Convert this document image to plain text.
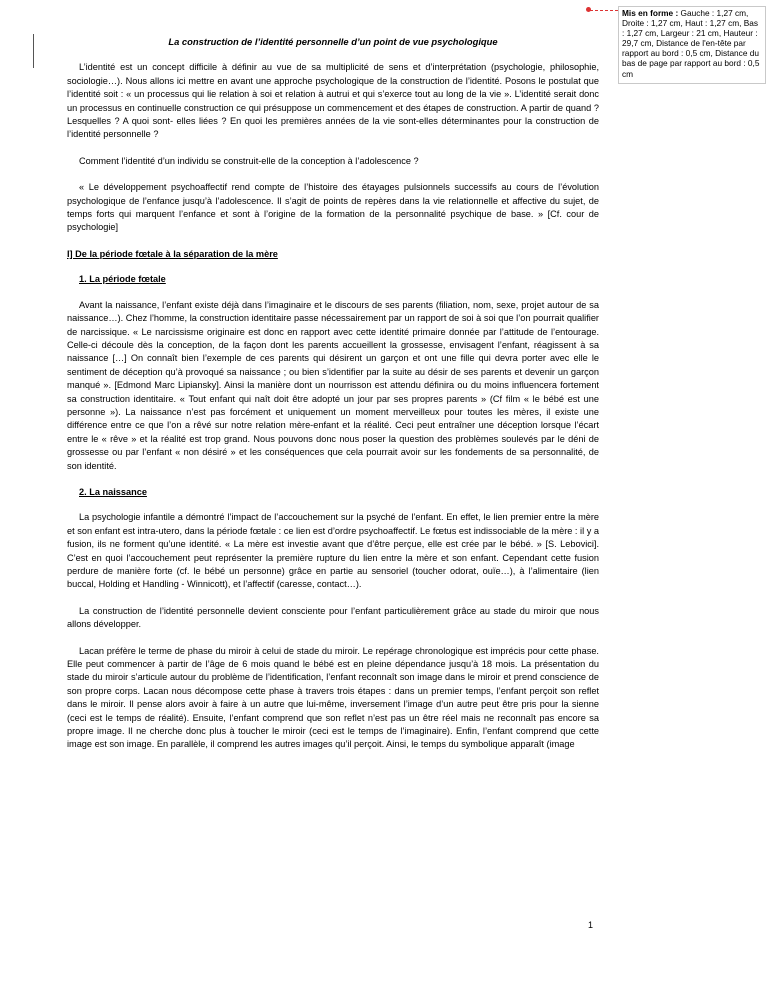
La construction de l’identité personnelle d’un point de vue psychologique

L’identité est un concept difficile à définir au vue de sa multiplicité de sens et d’interprétation (psychologie, philosophie, sociologie…). Nous allons ici mettre en avant une approche psychologique de la construction de l’identité. Posons le postulat que l’identité soit : « un processus qui lie relation à soi et relation à autrui et qui s’exerce tout au long de la vie ». L’identité serait donc un processus en continuelle construction ce qui présuppose un commencement et des étapes de construction. A partir de quand ? Lesquelles ? A quoi sont- elles liées ? En quoi les premières années de la vie sont-elles déterminantes pour la construction de l’identité personnelle ?

Comment l’identité d’un individu se construit-elle de la conception à l’adolescence ?

« Le développement psychoaffectif rend compte de l’histoire des étayages pulsionnels successifs au cours de l’évolution psychologique de l’enfance jusqu’à l’adolescence. Il s’agit de points de repères dans la vie relationnelle et affective du sujet, de temps forts qui marquent l’enfance et sont à l’origine de la formation de la personnalité psychique de base. » [Cf. cour de psychologie]

I] De la période fœtale à la séparation de la mère
1. La période fœtale

Avant la naissance, l’enfant existe déjà dans l’imaginaire et le discours de ses parents (filiation, nom, sexe, projet autour de sa naissance…). Chez l’homme, la construction identitaire passe nécessairement par un rapport de soi à soi que l’on pourrait qualifier de narcissique. « Le narcissisme originaire est donc en rapport avec cette identité primaire donnée par l’attitude de l’entourage. Celle-ci découle dès la conception, de la façon dont les parents accueillent la grossesse, envisagent l’enfant, réagissent à sa naissance […] On connaît bien l’exemple de ces parents qui désirent un garçon et ont une fille qui devra porter avec elle le sentiment de déception qu’à provoqué sa naissance ; ou bien s’identifier par la suite au désir de ses parents et devenir un garçon manqué ». [Edmond Marc Lipiansky]. Ainsi la manière dont un nourrisson est attendu définira ou du moins influencera fortement sa construction identitaire. « Tout enfant qui naît doit être adopté un jour par ses propres parents » (Cf film « le bébé est une personne »). La naissance n’est pas forcément et uniquement un moment merveilleux pour toutes les mères, il existe une différence entre ce que l’on a rêvé sur notre relation mère-enfant et la réalité. Ceci peut entraîner une déception lorsque l’écart entre le « rêve » et la réalité est trop grand. Nous pouvons donc nous poser la question des problèmes soulevés par le déni de grossesse ou par l’enfant « non désiré » et les conséquences que cela pourrait avoir sur les fondements de sa personnalité, de son identité.

2. La naissance

La psychologie infantile a démontré l’impact de l’accouchement sur la psyché de l’enfant. En effet, le lien premier entre la mère et son enfant est intra-utero, dans la période fœtale : ce lien est d’ordre psychoaffectif. Le fœtus est indissociable de la mère : il y a fusion, ils ne forment qu’une identité. « La mère est investie avant que d’être perçue, elle est crée par le bébé. » [S. Lebovici]. C’est en quoi l’accouchement peut représenter la première rupture du lien entre la mère et son enfant. Cependant cette fusion perdure de manière forte (cf. le bébé un personne) grâce en partie au sensoriel (toucher odorat, ouïe…), à l’alimentaire (lien buccal, Holding et Handling - Winnicott), et l’affectif (caresse, contact…).

La construction de l’identité personnelle devient consciente pour l’enfant particulièrement grâce au stade du miroir que nous allons développer.

Lacan préfère le terme de phase du miroir à celui de stade du miroir. Le repérage chronologique est imprécis pour cette phase. Elle peut commencer à partir de l’âge de 6 mois quand le bébé est en pleine dépendance jusqu’à 18 mois. La présentation du stade du miroir s’articule autour du problème de l’identification, l’enfant reconnaît son image dans le miroir et prend conscience de son propre corps. Lacan nous décompose cette phase à travers trois étapes : dans un premier temps, l’enfant perçoit son reflet dans le miroir. Il pense alors avoir à faire à un autre que lui-même, inversement l’image d’un autre peut être pris pour la sienne (ceci est le temps de réalité). Ensuite, l’enfant comprend que son reflet n’est pas un être réel mais ne reconnaît pas encore sa propre image. Il ne cherche donc plus à toucher le miroir (ceci est le temps de l’imaginaire). Enfin, l’enfant comprend que cette image est son image. En parallèle, il comprend les autres images qu’il perçoit. Ainsi, le temps du symbolique apparaît (image

1
Mis en forme : Gauche : 1,27 cm, Droite : 1,27 cm, Haut : 1,27 cm, Bas : 1,27 cm, Largeur : 21 cm, Hauteur : 29,7 cm, Distance de l'en-tête par rapport au bord : 0,5 cm, Distance du bas de page par rapport au bord : 0,5 cm
